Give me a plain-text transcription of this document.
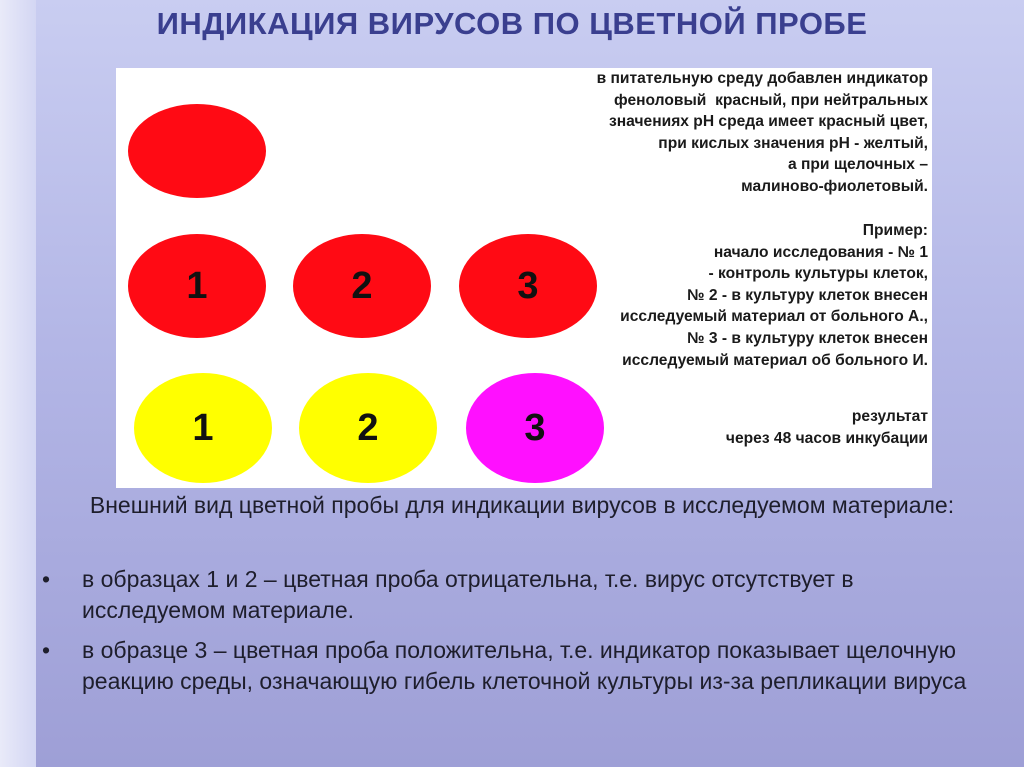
ИНДИКАЦИЯ ВИРУСОВ ПО ЦВЕТНОЙ ПРОБЕ
1	2	3
1	2	3
в питательную среду добавлен индикатор
феноловый  красный, при нейтральных
значениях pH среда имеет красный цвет,
при кислых значения pH - желтый,
а при щелочных –
малиново-фиолетовый.
Пример:
начало исследования - № 1
- контроль культуры клеток,
№ 2 - в культуру клеток внесен
исследуемый материал от больного А.,
№ 3 - в культуру клеток внесен
исследуемый материал об больного И.
результат
через 48 часов инкубации
Внешний вид цветной пробы для индикации вирусов в исследуемом материале:
• в образцах 1 и 2 – цветная проба отрицательна, т.е. вирус отсутствует в исследуемом материале.
• в образце 3 – цветная проба положительна, т.е. индикатор показывает щелочную реакцию среды, означающую гибель клеточной культуры из-за репликации вируса
